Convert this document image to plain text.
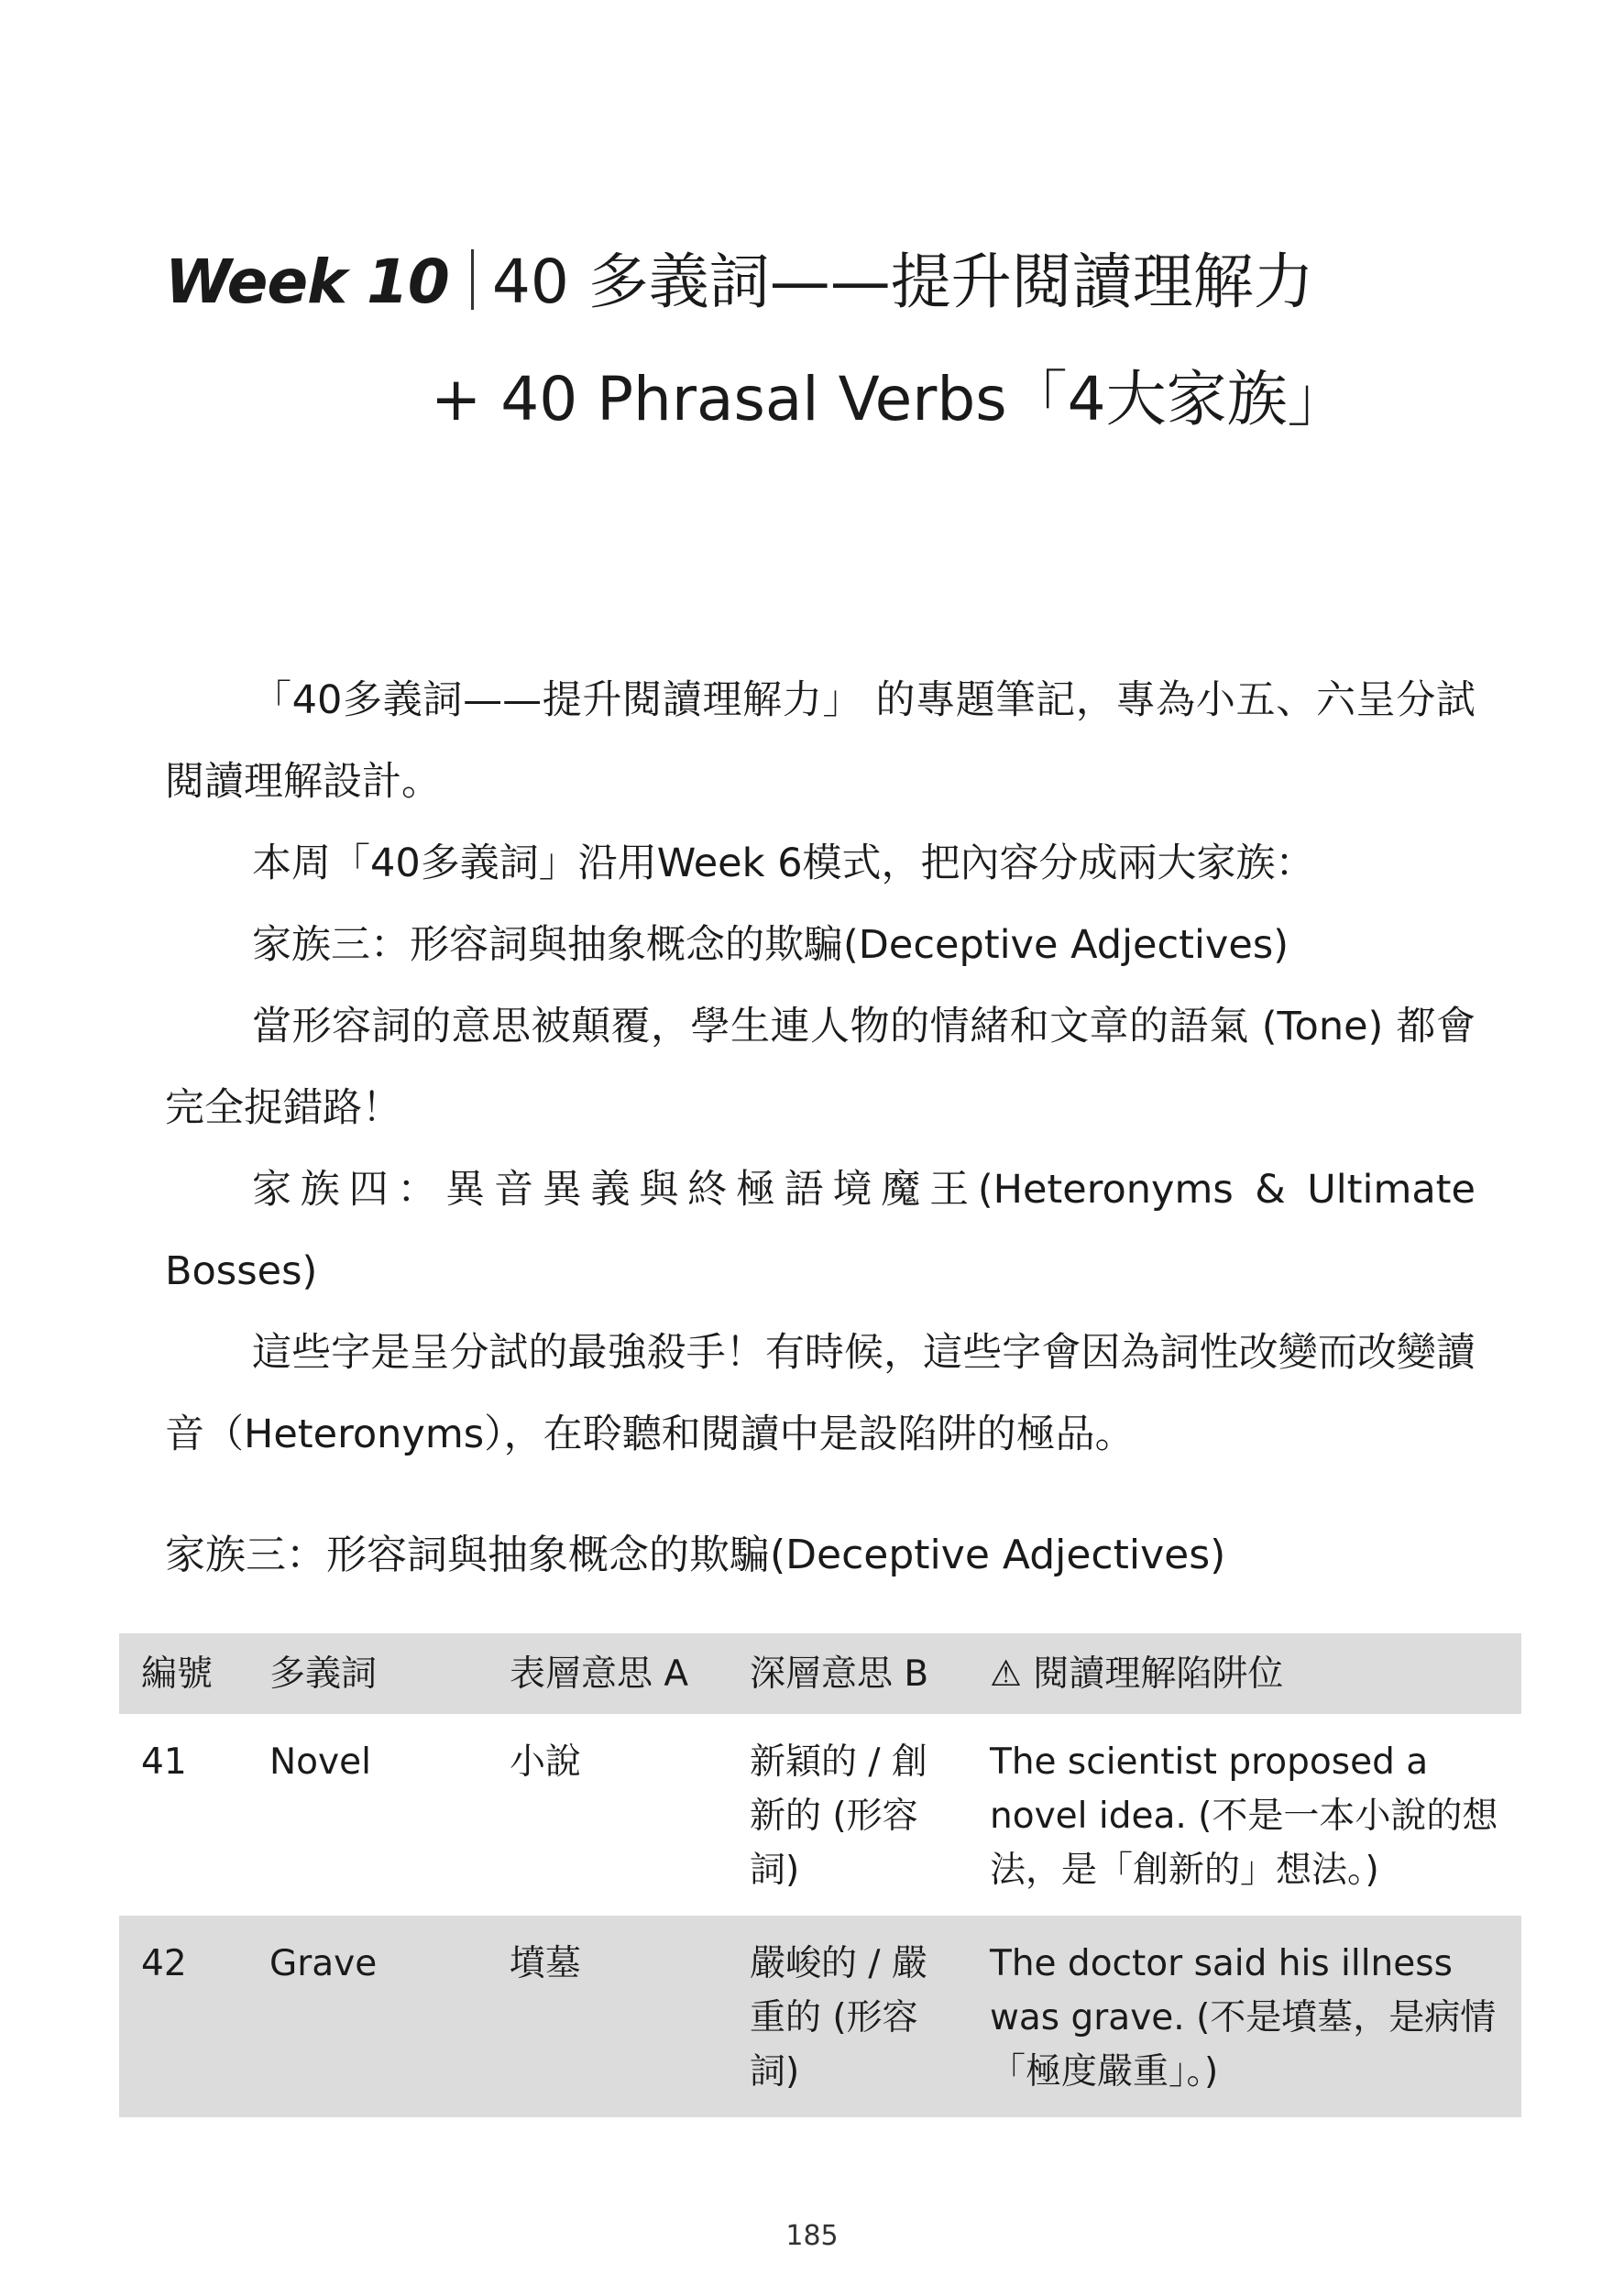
Week 10 40 多義詞——提升閱讀理解力
+ 40 Phrasal Verbs「4大家族」

「40多義詞——提升閱讀理解力」 的專題筆記，專為小五、六呈分試閱讀理解設計。

本周「40多義詞」沿用Week 6模式，把內容分成兩大家族：

家族三：形容詞與抽象概念的欺騙(Deceptive Adjectives)

當形容詞的意思被顛覆，學生連人物的情緒和文章的語氣 (Tone) 都會完全捉錯路！

家族四：異音異義與終極語境魔王(Heteronyms & Ultimate Bosses)

這些字是呈分試的最強殺手！有時候，這些字會因為詞性改變而改變讀音（Heteronyms），在聆聽和閱讀中是設陷阱的極品。

家族三：形容詞與抽象概念的欺騙(Deceptive Adjectives)
編號	多義詞	表層意思 A	深層意思 B	⚠ 閱讀理解陷阱位
41	Novel	小說	新穎的 / 創新的 (形容詞)	The scientist proposed a novel idea. (不是一本小說的想法，是「創新的」想法。)
42	Grave	墳墓	嚴峻的 / 嚴重的 (形容詞)	The doctor said his illness was grave. (不是墳墓，是病情「極度嚴重」。)
185
